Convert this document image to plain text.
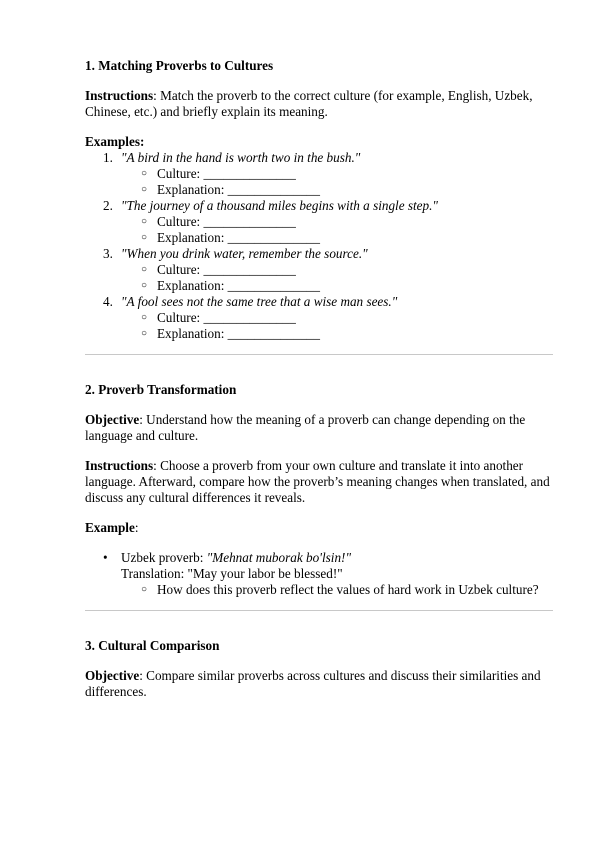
1. Matching Proverbs to Cultures

Instructions: Match the proverb to the correct culture (for example, English, Uzbek, Chinese, etc.) and briefly explain its meaning.

Examples:

1. "A bird in the hand is worth two in the bush."
○ Culture: ______________
○ Explanation: ______________
2. "The journey of a thousand miles begins with a single step."
○ Culture: ______________
○ Explanation: ______________
3. "When you drink water, remember the source."
○ Culture: ______________
○ Explanation: ______________
4. "A fool sees not the same tree that a wise man sees."
○ Culture: ______________
○ Explanation: ______________
2. Proverb Transformation

Objective: Understand how the meaning of a proverb can change depending on the language and culture.

Instructions: Choose a proverb from your own culture and translate it into another language. Afterward, compare how the proverb’s meaning changes when translated, and discuss any cultural differences it reveals.

Example:

• Uzbek proverb: "Mehnat muborak bo'lsin!"
Translation: "May your labor be blessed!"
○ How does this proverb reflect the values of hard work in Uzbek culture?
3. Cultural Comparison

Objective: Compare similar proverbs across cultures and discuss their similarities and differences.
